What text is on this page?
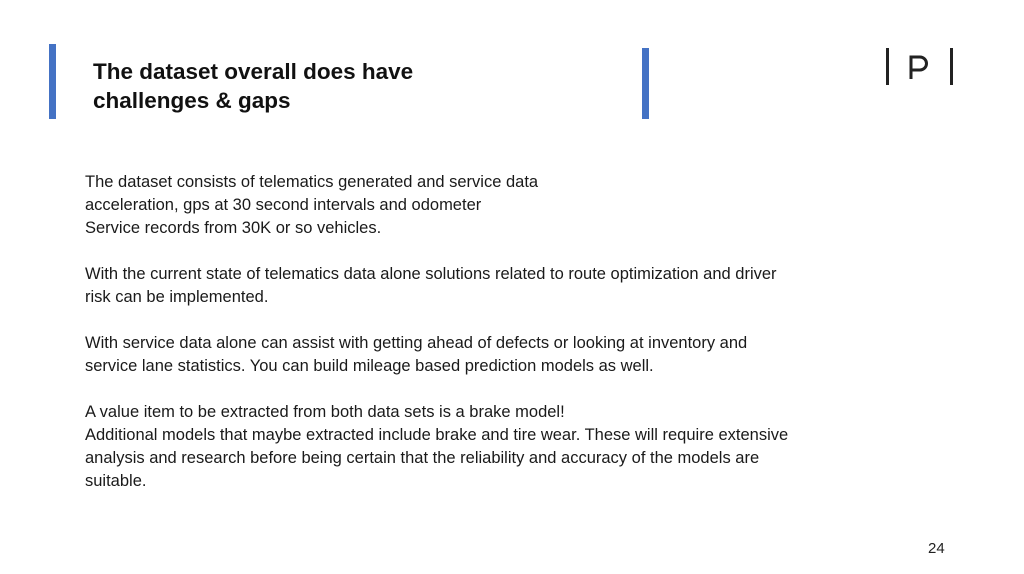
The dataset overall does have
challenges & gaps
The dataset consists of telematics generated and service data
acceleration, gps at 30 second intervals and odometer
Service records from 30K or so vehicles.
With the current state of telematics data alone solutions related to route optimization and driver
risk can be implemented.
With service data alone can assist with getting ahead of defects or looking at inventory and
service lane statistics. You can build mileage based prediction models as well.
A value item to be extracted from both data sets is a brake model!
Additional models that maybe extracted include brake and tire wear. These will require extensive
analysis and research before being certain that the reliability and accuracy of the models are
suitable.
24
